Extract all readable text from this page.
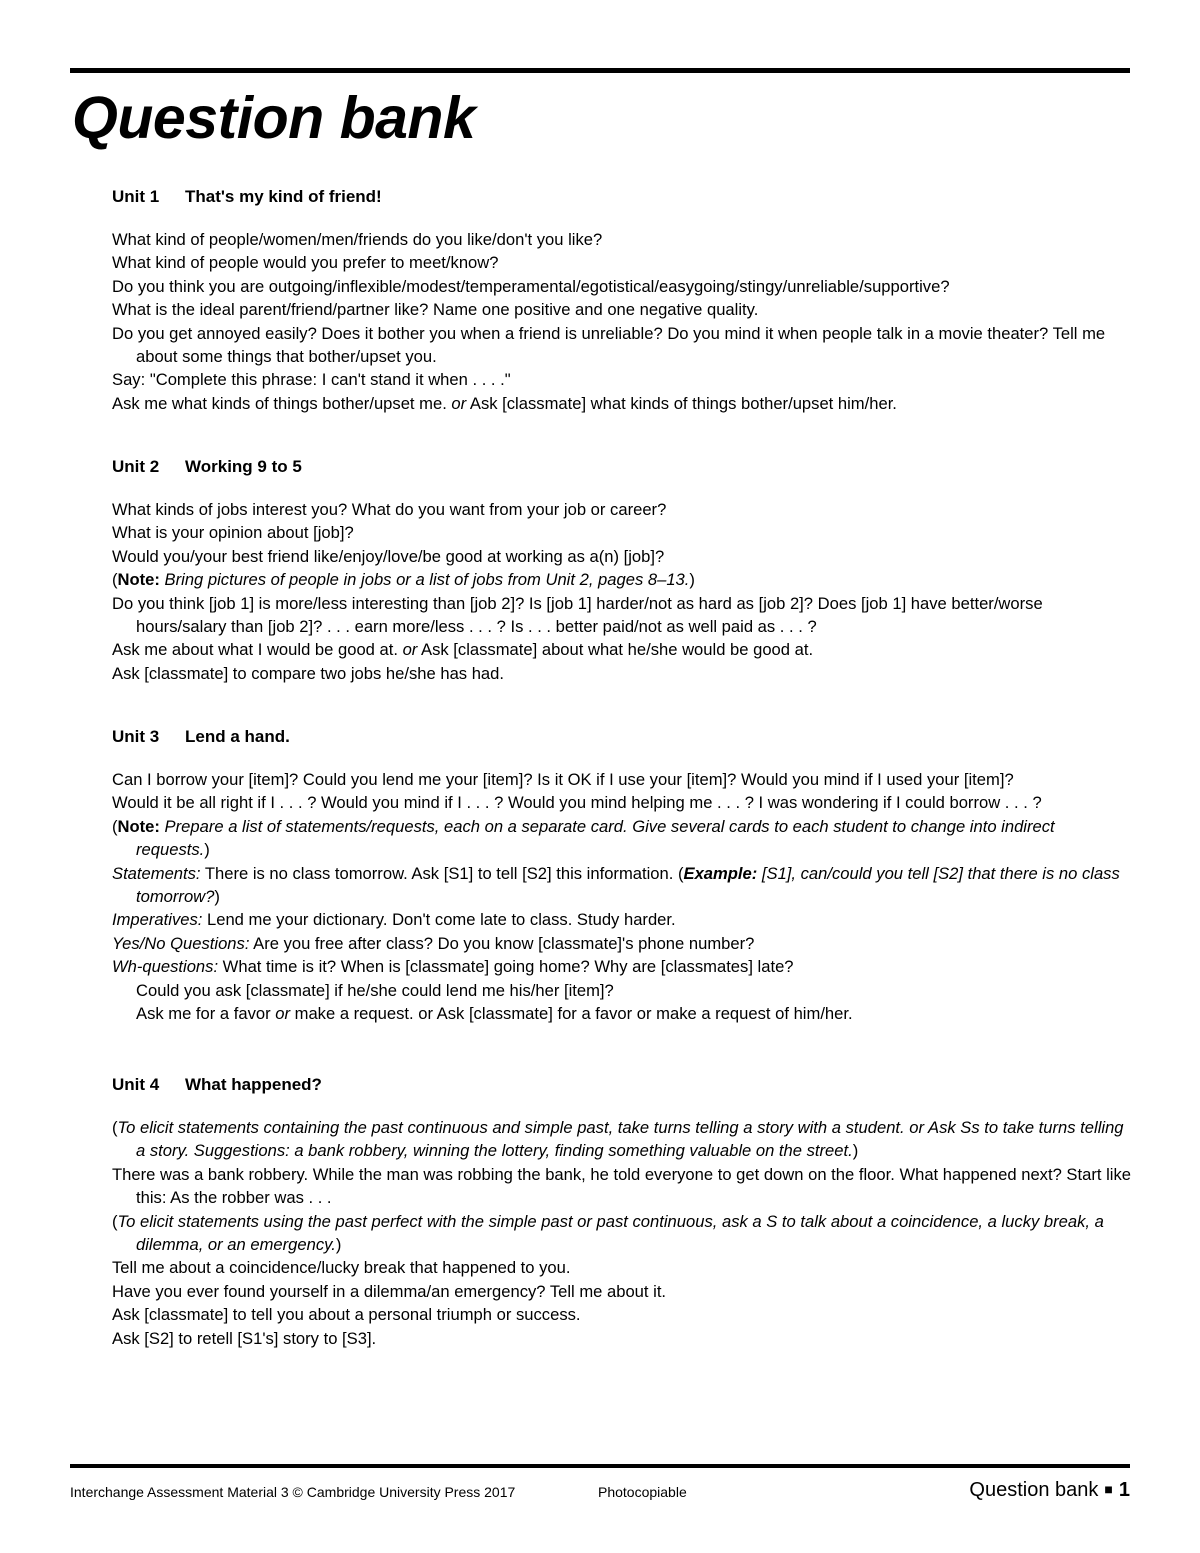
Question bank
Unit 1 That's my kind of friend!

What kind of people/women/men/friends do you like/don't you like?

What kind of people would you prefer to meet/know?

Do you think you are outgoing/inflexible/modest/temperamental/egotistical/easygoing/stingy/unreliable/supportive?

What is the ideal parent/friend/partner like? Name one positive and one negative quality.

Do you get annoyed easily? Does it bother you when a friend is unreliable? Do you mind it when people talk in a movie theater? Tell me about some things that bother/upset you.

Say: "Complete this phrase: I can't stand it when . . . ."

Ask me what kinds of things bother/upset me. or Ask [classmate] what kinds of things bother/upset him/her.

Unit 2 Working 9 to 5

What kinds of jobs interest you? What do you want from your job or career?

What is your opinion about [job]?

Would you/your best friend like/enjoy/love/be good at working as a(n) [job]?

(Note: Bring pictures of people in jobs or a list of jobs from Unit 2, pages 8–13.)

Do you think [job 1] is more/less interesting than [job 2]? Is [job 1] harder/not as hard as [job 2]? Does [job 1] have better/worse hours/salary than [job 2]? . . . earn more/less . . . ? Is . . . better paid/not as well paid as . . . ?

Ask me about what I would be good at. or Ask [classmate] about what he/she would be good at.

Ask [classmate] to compare two jobs he/she has had.

Unit 3 Lend a hand.

Can I borrow your [item]? Could you lend me your [item]? Is it OK if I use your [item]? Would you mind if I used your [item]?

Would it be all right if I . . . ? Would you mind if I . . . ? Would you mind helping me . . . ? I was wondering if I could borrow . . . ?

(Note: Prepare a list of statements/requests, each on a separate card. Give several cards to each student to change into indirect requests.)

Statements: There is no class tomorrow. Ask [S1] to tell [S2] this information. (Example: [S1], can/could you tell [S2] that there is no class tomorrow?)

Imperatives: Lend me your dictionary. Don't come late to class. Study harder.

Yes/No Questions: Are you free after class? Do you know [classmate]'s phone number?

Wh-questions: What time is it? When is [classmate] going home? Why are [classmates] late?

Could you ask [classmate] if he/she could lend me his/her [item]?

Ask me for a favor or make a request. or Ask [classmate] for a favor or make a request of him/her.

Unit 4 What happened?

(To elicit statements containing the past continuous and simple past, take turns telling a story with a student. or Ask Ss to take turns telling a story. Suggestions: a bank robbery, winning the lottery, finding something valuable on the street.)

There was a bank robbery. While the man was robbing the bank, he told everyone to get down on the floor. What happened next? Start like this: As the robber was . . .

(To elicit statements using the past perfect with the simple past or past continuous, ask a S to talk about a coincidence, a lucky break, a dilemma, or an emergency.)

Tell me about a coincidence/lucky break that happened to you.

Have you ever found yourself in a dilemma/an emergency? Tell me about it.

Ask [classmate] to tell you about a personal triumph or success.

Ask [S2] to retell [S1's] story to [S3].

Interchange Assessment Material 3 © Cambridge University Press 2017	Photocopiable	Question bank ■ 1
